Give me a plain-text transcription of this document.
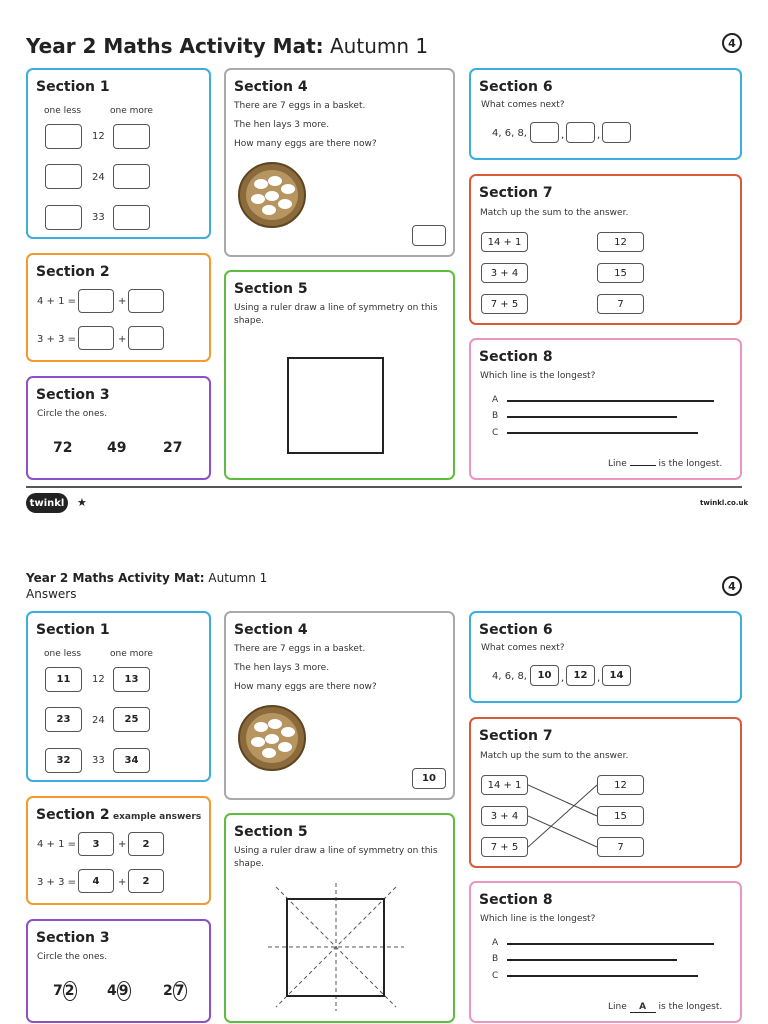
Year 2 Maths Activity Mat: Autumn 1	4
Section 1
one less	one more
12
24
33
Section 2
4 + 1 =	+
3 + 3 =	+
Section 3
Circle the ones.
72 49	27
Section 4
There are 7 eggs in a basket.
The hen lays 3 more.
How many eggs are there now?
Section 5
Using a ruler draw a line of symmetry on this shape.
Section 6
What comes next?
4, 6, 8,	,	,
Section 7
Match up the sum to the answer.
14 + 1
3 + 4
7 + 5
12
15
7
Section 8
Which line is the longest?
A
B
C
Line	is the longest.
twinkl	★	twinkl.co.uk
Year 2 Maths Activity Mat: Autumn 1
Answers
4
Section 1
one less	one more
11	12	13
23	24	25
32	33	34
Section 2 example answers
4 + 1 =	3	+	2
3 + 3 =	4	+	2
Section 3
Circle the ones.
7 2 4 9 2 7
Section 4
There are 7 eggs in a basket.
The hen lays 3 more.
How many eggs are there now?
10
Section 5
Using a ruler draw a line of symmetry on this shape.
Section 6
What comes next?
4, 6, 8,	10 , 12 , 14
Section 7
Match up the sum to the answer.
14 + 1
3 + 4
7 + 5
12
15
7
Section 8
Which line is the longest?
A
B
C
Line A is the longest.
